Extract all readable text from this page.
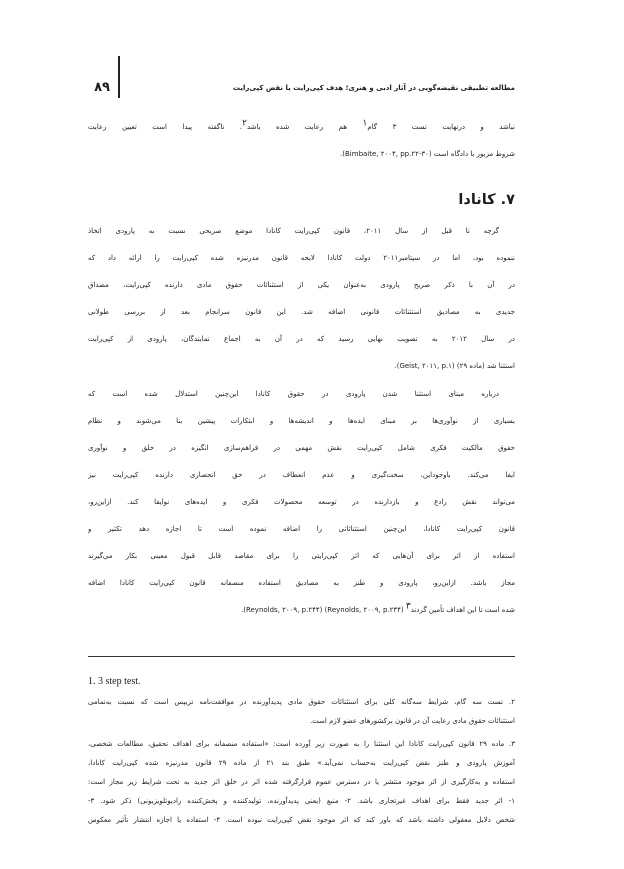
مطالعه تطبیقی نقیضه‌گویی در آثار ادبی و هنری؛ هدف کپی‌رایت یا نقض کپی‌رایت
۸۹
نباشد و درنهایت تست ۳ گام۱ هم رعایت شده باشد۲. ناگفته پیدا است تعیین رعایت
شروط مزبور با دادگاه است (Bimbaite, ۲۰۰۴, pp.۲۲-۳۰).
۷. کانادا
گرچه تا قبل از سال ۲۰۱۱، قانون کپی‌رایت کانادا موضع صریحی نسبت به پارودی اتخاذ
ننموده بود، اما در سپتامبر۲۰۱۱ دولت کانادا لایحه قانون مدرنیزه شده کپی‌رایت را ارائه داد که
در آن با ذکر صریح پارودی به‌عنوان یکی از استثنائات حقوق مادی دارنده کپی‌رایت، مصداق
جدیدی به مصادیق استثنائات قانونی اضافه شد. این قانون سرانجام بعد از بررسی طولانی
در سال ۲۰۱۲ به تصویب نهایی رسید که در آن به اجماع نمایندگان، پارودی از کپی‌رایت
استثنا شد (ماده ۲۹) (Geist, ۲۰۱۱, p.۱).
درباره مبنای استثنا شدن پارودی در حقوق کانادا این‌چنین استدلال شده است که
بسیاری از نوآوری‌ها بر مبنای ایده‌ها و اندیشه‌ها و ابتکارات پیشین بنا می‌شوند و نظام
حقوق مالکیت فکری شامل کپی‌رایت نقش مهمی در فراهم‌سازی انگیزه در خلق و نوآوری
ایفا می‌کند. باوجوداین، سخت‌گیری و عدم انعطاف در حق انحصاری دارنده کپی‌رایت نیز
می‌تواند نقش رادع و بازدارنده در توسعه محصولات فکری و ایده‌های نوایفا کند. ازاین‌رو،
قانون کپی‌رایت کانادا، این‌چنین استثنائاتی را اضافه نموده است تا اجازه دهد تکثیر و
استفاده از اثر برای آن‌هایی که اثر کپی‌رایتی را برای مقاصد قابل قبول معینی بکار می‌گیرند
مجاز باشد. ازاین‌رو، پارودی و طنز به مصادیق استفاده منصفانه قانون کپی‌رایت کانادا اضافه
شده است تا این اهداف تأمین گردند۳ (Reynolds, ۲۰۰۹, p.۲۴۴) (Reynolds, ۲۰۰۹, p.۲۴۴).
1. 3 step test.
۲. تست سه گام، شرایط سه‌گانه کلی برای استثنائات حقوق مادی پدیدآورنده در موافقت‌نامه تریپس است که نسبت به‌تمامی
استثنائات حقوق مادی رعایت آن در قانون برکشورهای عضو لازم است.
۳. ماده ۲۹ قانون کپی‌رایت کانادا این استثنا را به صورت زیر آورده است: «استفاده منصفانه برای اهداف تحقیق، مطالعات شخصی،
آموزش پارودی و طنز نقض کپی‌رایت به‌حساب نمی‌آید.» طبق بند ۲۱ از ماده ۲۹ قانون مدرنیزه شده کپی‌رایت کانادا،
استفاده و به‌کارگیری از اثر موجود منتشر یا در دسترس عموم قرارگرفته شده اثر در خلق اثر جدید به تحت شرایط زیر مجاز است:
۱- اثر جدید فقط برای اهداف غیرتجاری باشد. ۲- منبع (یعنی پدیدآورنده، تولیدکننده و پخش‌کننده رادیوتلویزیونی) ذکر شود. ۳-
شخص دلایل معقولی داشته باشد که باور کند که اثر موجود نقض کپی‌رایت نبوده است. ۴- استفاده یا اجازه انتشار تأثیر معکوس
